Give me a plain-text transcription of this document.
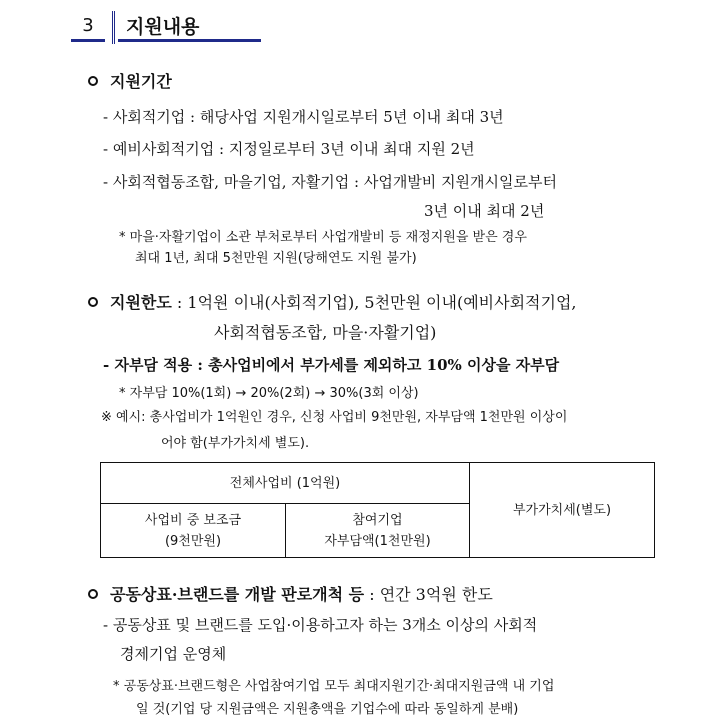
3	지원내용
지원기간
- 사회적기업 : 해당사업 지원개시일로부터 5년 이내 최대 3년
- 예비사회적기업 : 지정일로부터 3년 이내 최대 지원 2년
- 사회적협동조합, 마을기업, 자활기업 : 사업개발비 지원개시일로부터
3년 이내 최대 2년
* 마을·자활기업이 소관 부처로부터 사업개발비 등 재정지원을 받은 경우
최대 1년, 최대 5천만원 지원(당해연도 지원 불가)
지원한도 : 1억원 이내(사회적기업), 5천만원 이내(예비사회적기업,
사회적협동조합, 마을·자활기업)
- 자부담 적용 : 총사업비에서 부가세를 제외하고 10% 이상을 자부담
* 자부담 10%(1회) → 20%(2회) → 30%(3회 이상)
※ 예시: 총사업비가 1억원인 경우, 신청 사업비 9천만원, 자부담액 1천만원 이상이
어야 함(부가가치세 별도).
전체사업비 (1억원)
사업비 중 보조금
(9천만원)
참여기업
자부담액(1천만원)
부가가치세(별도)
공동상표·브랜드를 개발 판로개척 등 : 연간 3억원 한도
- 공동상표 및 브랜드를 도입·이용하고자 하는 3개소 이상의 사회적
경제기업 운영체
* 공동상표·브랜드형은 사업참여기업 모두 최대지원기간·최대지원금액 내 기업
일 것(기업 당 지원금액은 지원총액을 기업수에 따라 동일하게 분배)
